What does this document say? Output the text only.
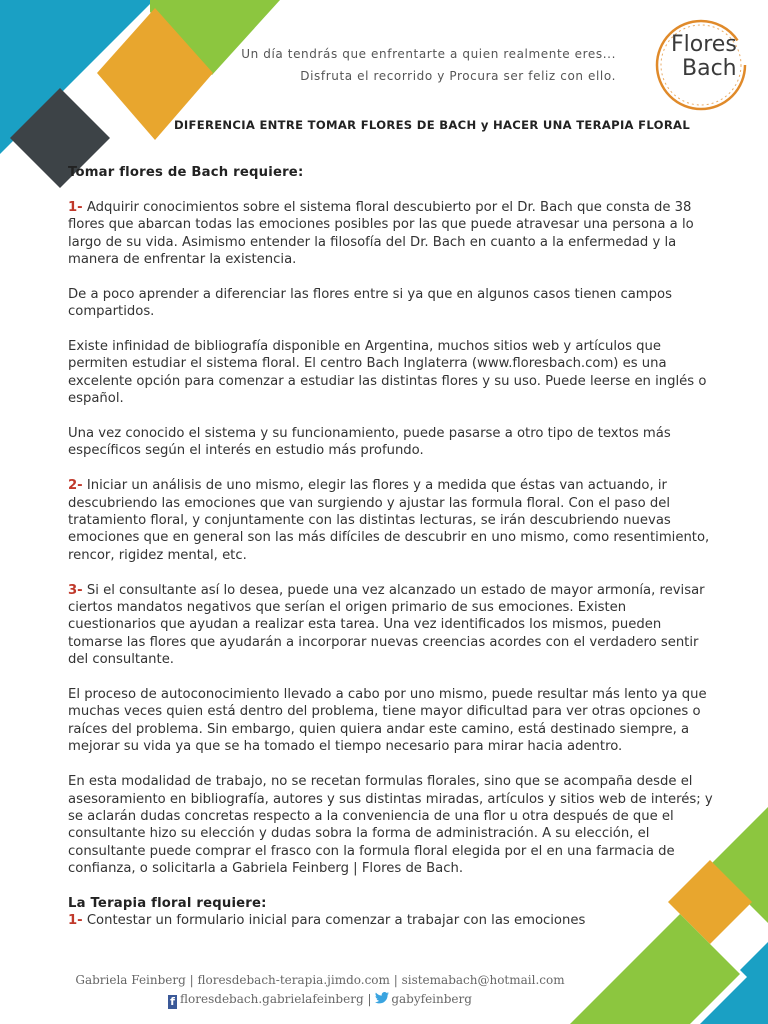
Un día tendrás que enfrentarte a quien realmente eres...
Disfruta el recorrido y Procura ser feliz con ello.
Flores
Bach
DIFERENCIA ENTRE TOMAR FLORES DE BACH y HACER UNA TERAPIA FLORAL

Tomar flores de Bach requiere:

1- Adquirir conocimientos sobre el sistema floral descubierto por el Dr. Bach que consta de 38 flores que abarcan todas las emociones posibles por las que puede atravesar una persona a lo largo de su vida. Asimismo entender la filosofía del Dr. Bach en cuanto a la enfermedad y la manera de enfrentar la existencia.

De a poco aprender a diferenciar las flores entre si ya que en algunos casos tienen campos compartidos.

Existe infinidad de bibliografía disponible en Argentina, muchos sitios web y artículos que permiten estudiar el sistema floral. El centro Bach Inglaterra (www.floresbach.com) es una excelente opción para comenzar a estudiar las distintas flores y su uso. Puede leerse en inglés o español.

Una vez conocido el sistema y su funcionamiento, puede pasarse a otro tipo de textos más específicos según el interés en estudio más profundo.

2- Iniciar un análisis de uno mismo, elegir las flores y a medida que éstas van actuando, ir descubriendo las emociones que van surgiendo y ajustar las formula floral. Con el paso del tratamiento floral, y conjuntamente con las distintas lecturas, se irán descubriendo nuevas emociones que en general son las más difíciles de descubrir en uno mismo, como resentimiento, rencor, rigidez mental, etc.

3- Si el consultante así lo desea, puede una vez alcanzado un estado de mayor armonía, revisar ciertos mandatos negativos que serían el origen primario de sus emociones. Existen cuestionarios que ayudan a realizar esta tarea. Una vez identificados los mismos, pueden tomarse las flores que ayudarán a incorporar nuevas creencias acordes con el verdadero sentir del consultante.

El proceso de autoconocimiento llevado a cabo por uno mismo, puede resultar más lento ya que muchas veces quien está dentro del problema, tiene mayor dificultad para ver otras opciones o raíces del problema. Sin embargo, quien quiera andar este camino, está destinado siempre, a mejorar su vida ya que se ha tomado el tiempo necesario para mirar hacia adentro.

En esta modalidad de trabajo, no se recetan formulas florales, sino que se acompaña desde el asesoramiento en bibliografía, autores y sus distintas miradas, artículos y sitios web de interés; y se aclarán dudas concretas respecto a la conveniencia de una flor u otra después de que el consultante hizo su elección y dudas sobra la forma de administración. A su elección, el consultante puede comprar el frasco con la formula floral elegida por el en una farmacia de confianza, o solicitarla a Gabriela Feinberg | Flores de Bach.

La Terapia floral requiere:

1- Contestar un formulario inicial para comenzar a trabajar con las emociones

Gabriela Feinberg | floresdebach-terapia.jimdo.com | sistemabach@hotmail.com
f floresdebach.gabrielafeinberg | gabyfeinberg
